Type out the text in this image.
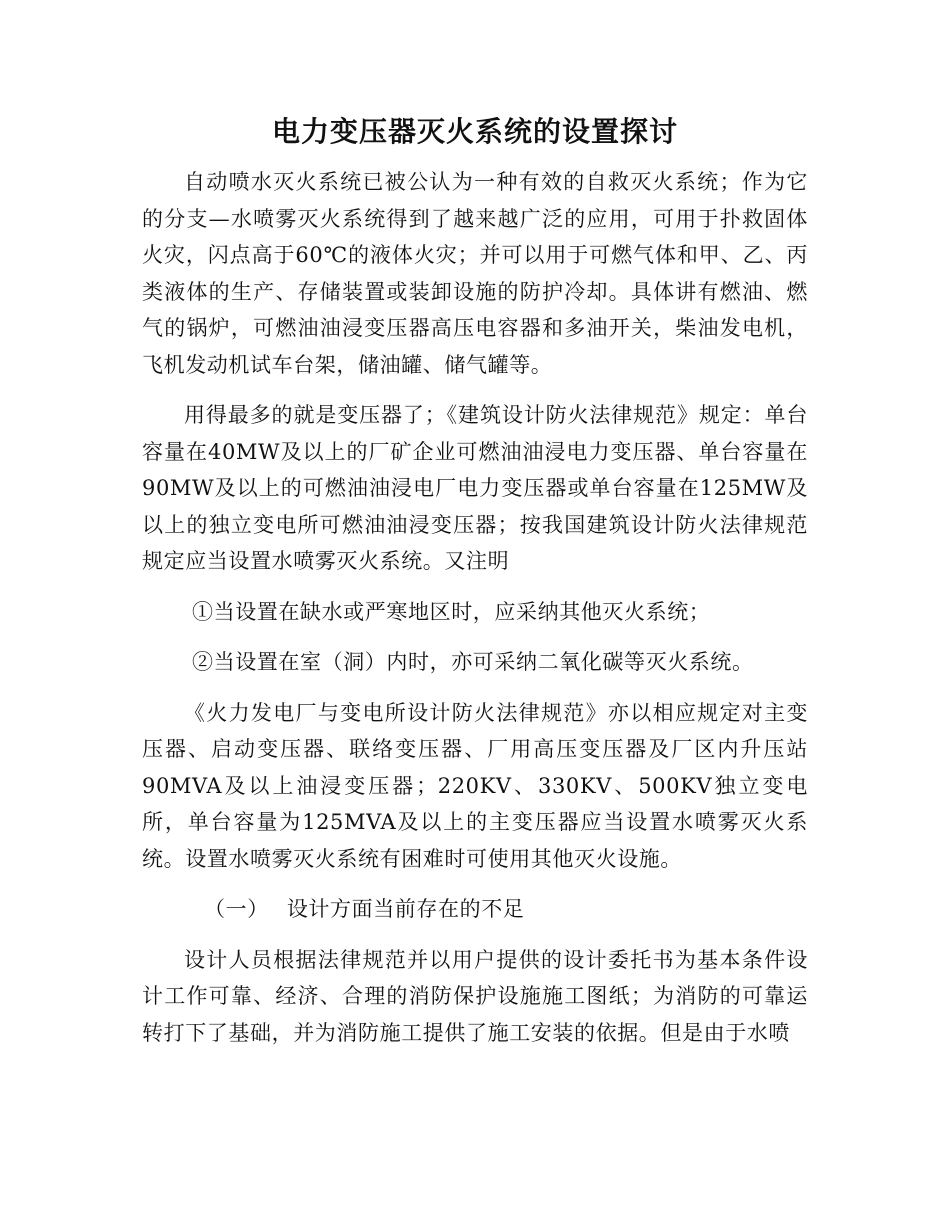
电力变压器灭火系统的设置探讨

自动喷水灭火系统已被公认为一种有效的自救灭火系统；作为它的分支—水喷雾灭火系统得到了越来越广泛的应用，可用于扑救固体火灾，闪点高于60℃的液体火灾；并可以用于可燃气体和甲、乙、丙类液体的生产、存储装置或装卸设施的防护冷却。具体讲有燃油、燃气的锅炉，可燃油油浸变压器高压电容器和多油开关，柴油发电机，飞机发动机试车台架，储油罐、储气罐等。

用得最多的就是变压器了；《建筑设计防火法律规范》规定：单台容量在40MW及以上的厂矿企业可燃油油浸电力变压器、单台容量在90MW及以上的可燃油油浸电厂电力变压器或单台容量在125MW及以上的独立变电所可燃油油浸变压器；按我国建筑设计防火法律规范规定应当设置水喷雾灭火系统。又注明

①当设置在缺水或严寒地区时，应采纳其他灭火系统；

②当设置在室（洞）内时，亦可采纳二氧化碳等灭火系统。

《火力发电厂与变电所设计防火法律规范》亦以相应规定对主变压器、启动变压器、联络变压器、厂用高压变压器及厂区内升压站90MVA及以上油浸变压器；220KV、330KV、500KV独立变电所，单台容量为125MVA及以上的主变压器应当设置水喷雾灭火系统。设置水喷雾灭火系统有困难时可使用其他灭火设施。

（一） 设计方面当前存在的不足

设计人员根据法律规范并以用户提供的设计委托书为基本条件设计工作可靠、经济、合理的消防保护设施施工图纸；为消防的可靠运转打下了基础，并为消防施工提供了施工安装的依据。但是由于水喷
